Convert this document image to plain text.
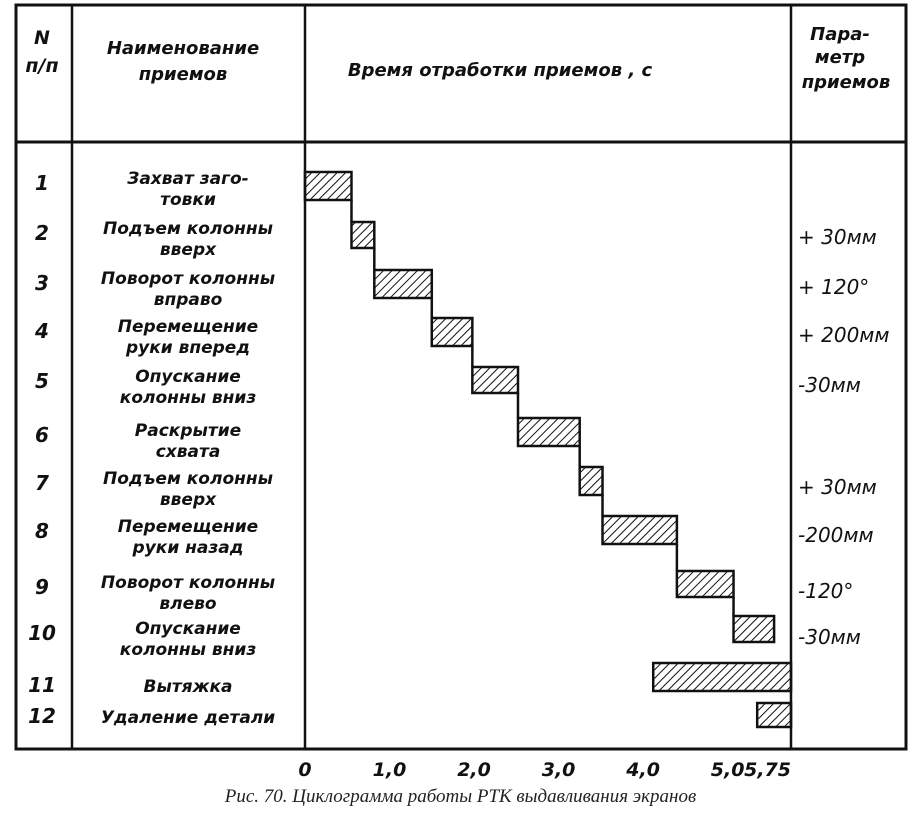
N
п/п
Наименование
приемов	Время отработки приемов , с
Пара-
метр
приемов
1	Захват заго-
товки
2	Подъем колонны
вверх
+ 30мм
3	Поворот колонны
вправо
+ 120°
4	Перемещение
руки вперед
+ 200мм
5	Опускание
колонны вниз
-30мм
6	Раскрытие
схвата
7	Подъем колонны
вверх
+ 30мм
8	Перемещение
руки назад
-200мм
9	Поворот колонны
влево
-120°
10	Опускание
колонны вниз
-30мм
11	Вытяжка
12	Удаление детали
0	1,0	2,0	3,0	4,0	5,0 5,75
Рис. 70. Циклограмма работы РТК выдавливания экранов
